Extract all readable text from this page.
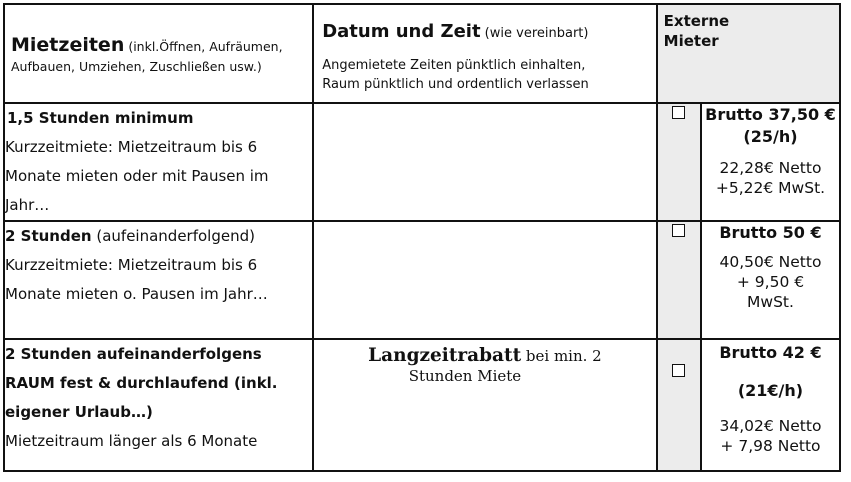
Mietzeiten (inkl.Öffnen, Aufräumen,
Aufbauen, Umziehen, Zuschließen usw.)	Datum und Zeit (wie vereinbart)
Angemietete Zeiten pünktlich einhalten,
Raum pünktlich und ordentlich verlassen	Externe
Mieter	

1,5 Stunden minimum
Kurzzeitmiete: Mietzeitraum bis 6
Monate mieten oder mit Pausen im
Jahr…			Brutto 37,50 € (25/h)
22,28€ Netto
+5,22€ MwSt.

2 Stunden (aufeinanderfolgend)
Kurzzeitmiete: Mietzeitraum bis 6
Monate mieten o. Pausen im Jahr…			Brutto 50 €
40,50€ Netto
+ 9,50 €
MwSt.

2 Stunden aufeinanderfolgens
RAUM fest & durchlaufend (inkl.
eigener Urlaub…)
Mietzeitraum länger als 6 Monate	Langzeitrabatt bei min. 2
Stunden Miete		Brutto 42 €
(21€/h)
34,02€ Netto
+ 7,98 Netto
